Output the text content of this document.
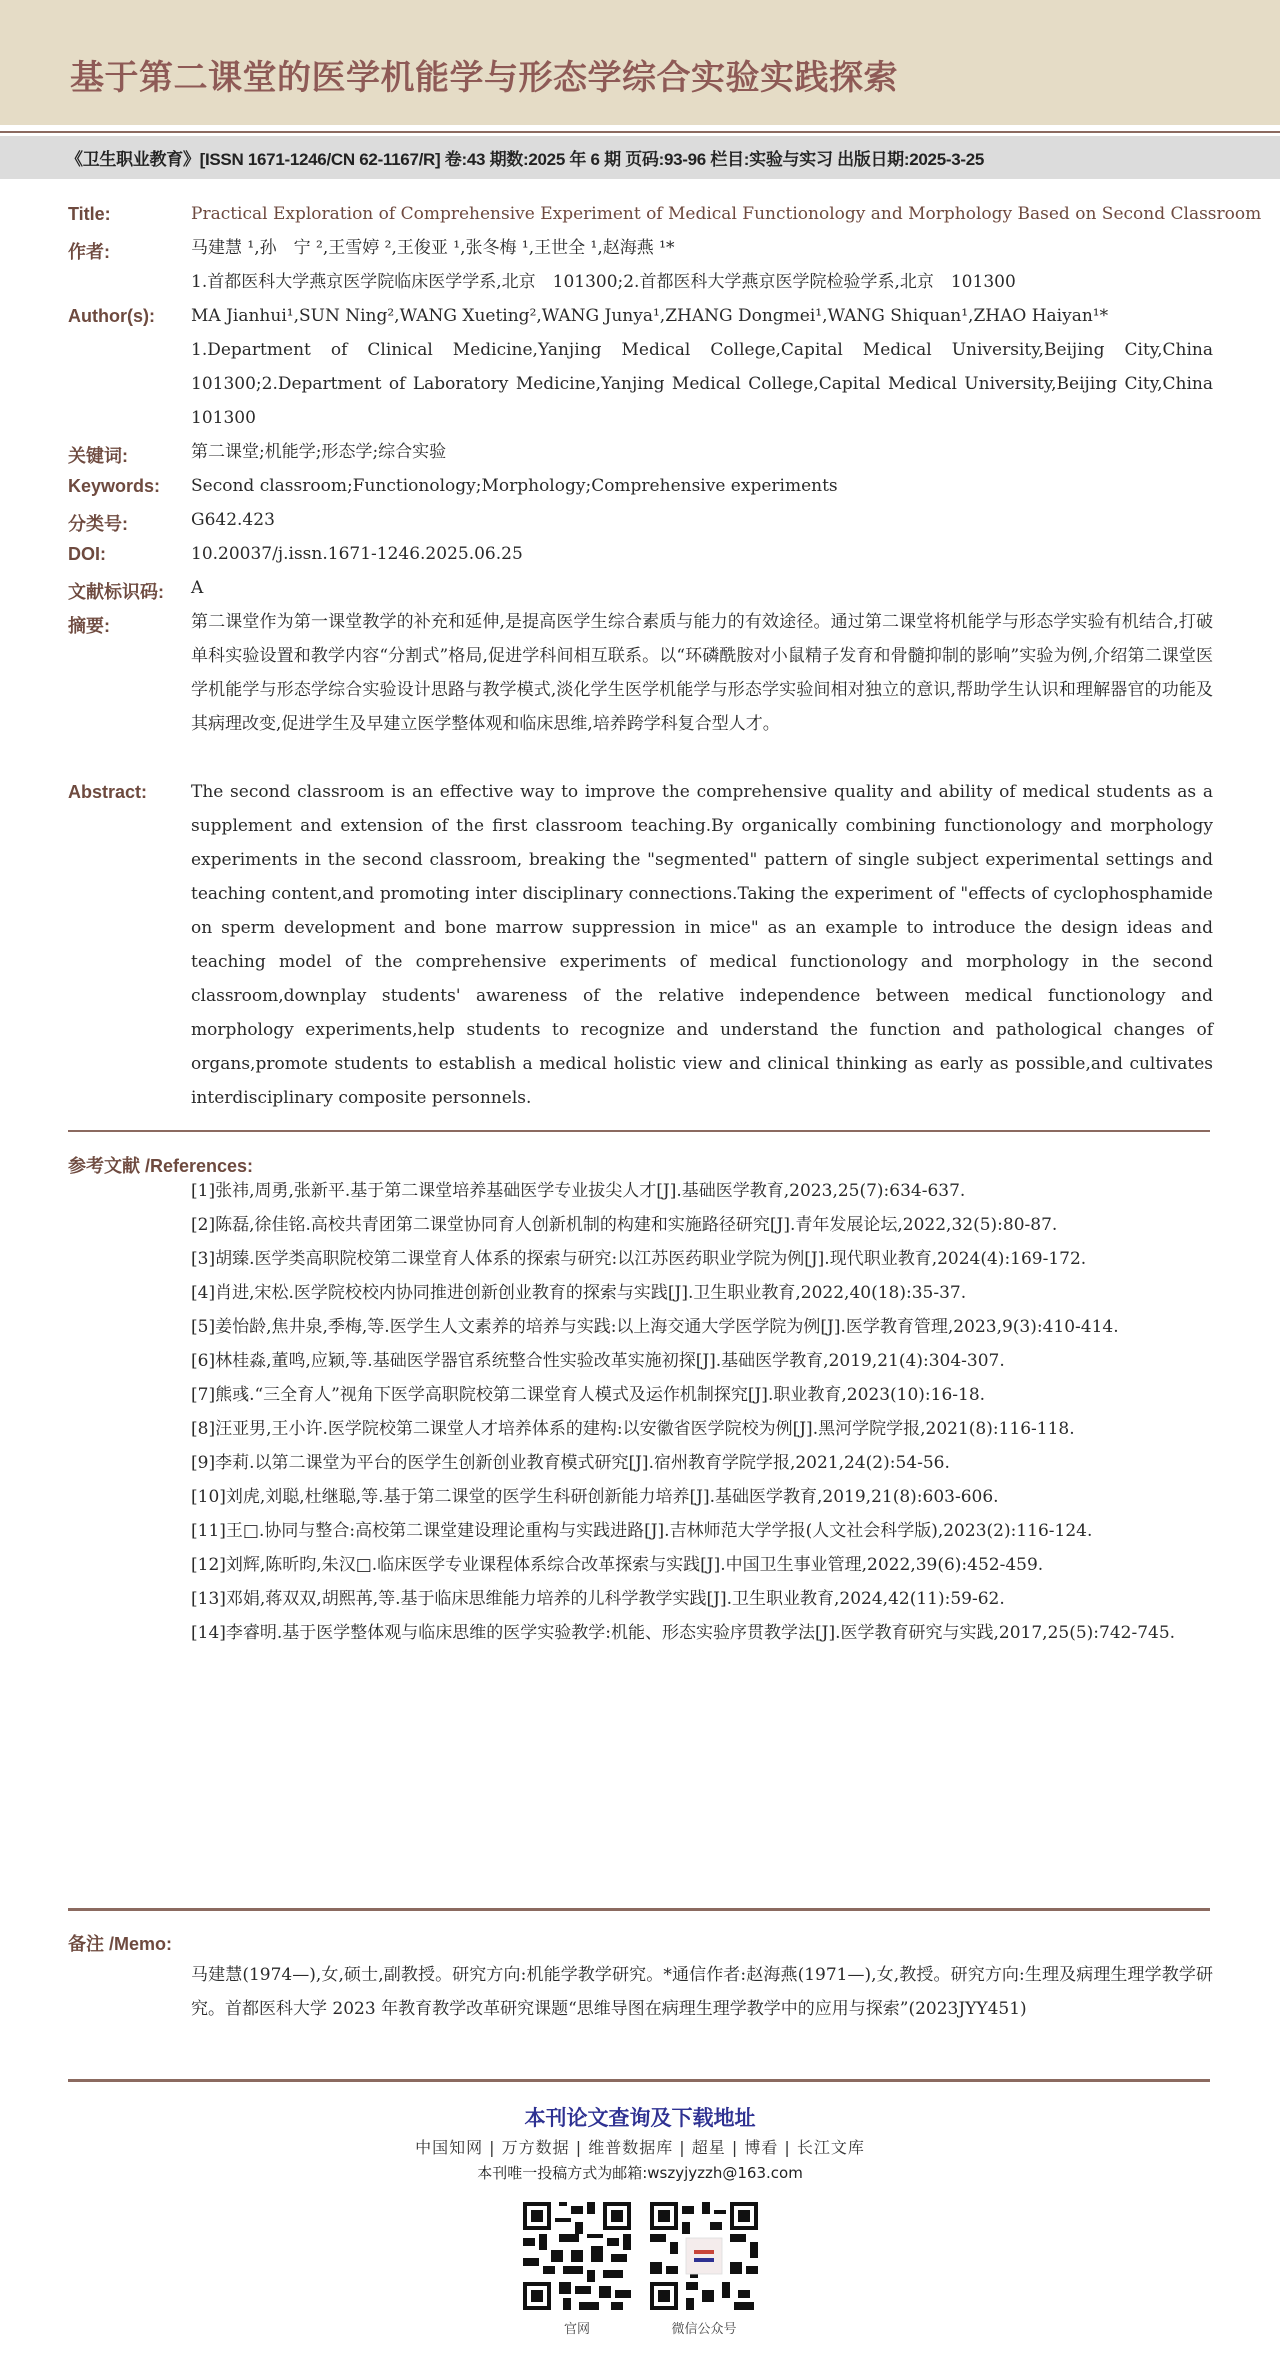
基于第二课堂的医学机能学与形态学综合实验实践探索
《卫生职业教育》[ISSN 1671-1246/CN 62-1167/R] 卷:43 期数:2025 年 6 期 页码:93-96 栏目:实验与实习 出版日期:2025-3-25
Title:	Practical Exploration of Comprehensive Experiment of Medical Functionology and Morphology Based on Second Classroom
作者:	马建慧 ¹,孙　宁 ²,王雪婷 ²,王俊亚 ¹,张冬梅 ¹,王世全 ¹,赵海燕 ¹*
1.首都医科大学燕京医学院临床医学学系,北京　101300;2.首都医科大学燕京医学院检验学系,北京　101300
Author(s): MA Jianhui¹,SUN Ning²,WANG Xueting²,WANG Junya¹,ZHANG Dongmei¹,WANG Shiquan¹,ZHAO Haiyan¹*
1.Department of Clinical Medicine,Yanjing Medical College,Capital Medical University,Beijing City,China 101300;2.Department of Laboratory Medicine,Yanjing Medical College,Capital Medical University,Beijing City,China 101300
关键词:	第二课堂;机能学;形态学;综合实验
Keywords: Second classroom;Functionology;Morphology;Comprehensive experiments
分类号:	G642.423
DOI:	10.20037/j.issn.1671-1246.2025.06.25
文献标识码: A
摘要:	第二课堂作为第一课堂教学的补充和延伸,是提高医学生综合素质与能力的有效途径。通过第二课堂将机能学与形态学实验有机结合,打破单科实验设置和教学内容“分割式”格局,促进学科间相互联系。以“环磷酰胺对小鼠精子发育和骨髓抑制的影响”实验为例,介绍第二课堂医学机能学与形态学综合实验设计思路与教学模式,淡化学生医学机能学与形态学实验间相对独立的意识,帮助学生认识和理解器官的功能及其病理改变,促进学生及早建立医学整体观和临床思维,培养跨学科复合型人才。
Abstract:	The second classroom is an effective way to improve the comprehensive quality and ability of medical students as a supplement and extension of the first classroom teaching.By organically combining functionology and morphology experiments in the second classroom, breaking the "segmented" pattern of single subject experimental settings and teaching content,and promoting inter disciplinary connections.Taking the experiment of "effects of cyclophosphamide on sperm development and bone marrow suppression in mice" as an example to introduce the design ideas and teaching model of the comprehensive experiments of medical functionology and morphology in the second classroom,downplay students' awareness of the relative independence between medical functionology and morphology experiments,help students to recognize and understand the function and pathological changes of organs,promote students to establish a medical holistic view and clinical thinking as early as possible,and cultivates interdisciplinary composite personnels.
参考文献 /References:
[1]张祎,周勇,张新平.基于第二课堂培养基础医学专业拔尖人才[J].基础医学教育,2023,25(7):634-637.
[2]陈磊,徐佳铭.高校共青团第二课堂协同育人创新机制的构建和实施路径研究[J].青年发展论坛,2022,32(5):80-87.
[3]胡臻.医学类高职院校第二课堂育人体系的探索与研究:以江苏医药职业学院为例[J].现代职业教育,2024(4):169-172.
[4]肖进,宋松.医学院校校内协同推进创新创业教育的探索与实践[J].卫生职业教育,2022,40(18):35-37.
[5]姜怡龄,焦井泉,季梅,等.医学生人文素养的培养与实践:以上海交通大学医学院为例[J].医学教育管理,2023,9(3):410-414.
[6]林桂淼,董鸣,应颖,等.基础医学器官系统整合性实验改革实施初探[J].基础医学教育,2019,21(4):304-307.
[7]熊彧.“三全育人”视角下医学高职院校第二课堂育人模式及运作机制探究[J].职业教育,2023(10):16-18.
[8]汪亚男,王小许.医学院校第二课堂人才培养体系的建构:以安徽省医学院校为例[J].黑河学院学报,2021(8):116-118.
[9]李莉.以第二课堂为平台的医学生创新创业教育模式研究[J].宿州教育学院学报,2021,24(2):54-56.
[10]刘虎,刘聪,杜继聪,等.基于第二课堂的医学生科研创新能力培养[J].基础医学教育,2019,21(8):603-606.
[11]王□.协同与整合:高校第二课堂建设理论重构与实践进路[J].吉林师范大学学报(人文社会科学版),2023(2):116-124.
[12]刘辉,陈昕昀,朱汉□.临床医学专业课程体系综合改革探索与实践[J].中国卫生事业管理,2022,39(6):452-459.
[13]邓娟,蒋双双,胡熙苒,等.基于临床思维能力培养的儿科学教学实践[J].卫生职业教育,2024,42(11):59-62.
[14]李睿明.基于医学整体观与临床思维的医学实验教学:机能、形态实验序贯教学法[J].医学教育研究与实践,2017,25(5):742-745.
备注 /Memo:
马建慧(1974—),女,硕士,副教授。研究方向:机能学教学研究。*通信作者:赵海燕(1971—),女,教授。研究方向:生理及病理生理学教学研究。首都医科大学 2023 年教育教学改革研究课题“思维导图在病理生理学教学中的应用与探索”(2023JYY451)
本刊论文查询及下载地址
中国知网 | 万方数据 | 维普数据库 | 超星 | 博看 | 长江文库
本刊唯一投稿方式为邮箱:wszyjyzzh@163.com
官网	微信公众号
